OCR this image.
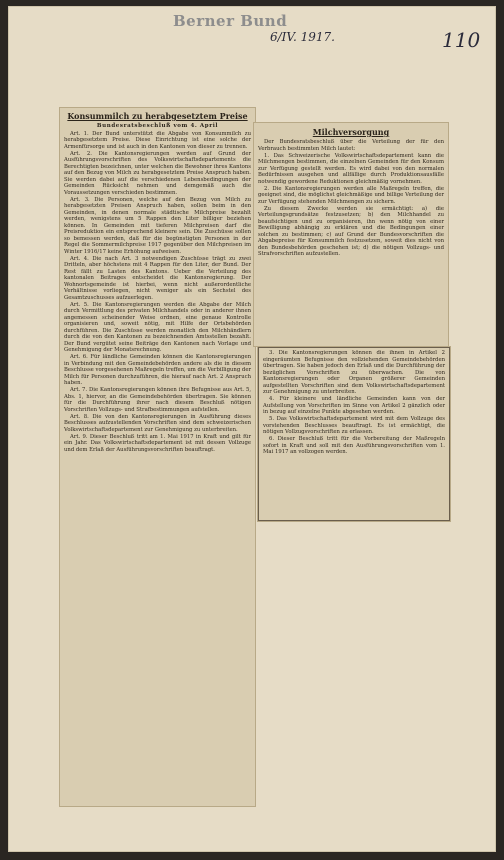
Berner Bund
6/IV. 1917.	110

Konsummilch zu herabgesetztem Preise

Bundesratsbeschluß vom 4. April

Art. 1. Der Bund unterstützt die Abgabe von Konsummilch zu herabgesetztem Preise. Diese Einrichtung ist eine solche der Armenfürsorge und ist auch in den Kantonen von dieser zu trennen.

Art. 2. Die Kantonsregierungen werden auf Grund der Ausführungsvorschriften des Volkswirtschaftsdepartements die Berechtigten bezeichnen, unter welchen die Bewohner ihres Kantons auf den Bezug von Milch zu herabgesetztem Preise Anspruch haben. Sie werden dabei auf die verschiedenen Lebensbedingungen der Gemeinden Rücksicht nehmen und demgemäß auch die Voraussetzungen verschieden bestimmen.

Art. 3. Die Personen, welche auf den Bezug von Milch zu herabgesetzten Preisen Anspruch haben, sollen beim in den Gemeinden, in denen normale städtische Milchpreise bezahlt werden, wenigstens um 5 Rappen den Liter billiger beziehen können. In Gemeinden mit tieferen Milchpreisen darf die Preisreduktion ein entsprechend kleinere sein. Die Zuschüsse sollen so bemessen werden, daß für die begünstigten Personen in der Regel die Sommermilchpreise 1917 gegenüber den Milchpreisen im Winter 1916/17 keine Erhöhung aufweisen.

Art. 4. Die nach Art. 3 notwendigen Zuschüsse trägt zu zwei Dritteln, aber höchstens mit 4 Rappen für den Liter, der Bund. Der Rest fällt zu Lasten des Kantons. Ueber die Verteilung des kantonalen Beitrages entscheidet die Kantonsregierung. Der Wohnortsgemeinde ist hierbei, wenn nicht außerordentliche Verhältnisse vorliegen, nicht weniger als ein Sechstel des Gesamtzuschusses aufzuerlegen.

Art. 5. Die Kantonsregierungen werden die Abgabe der Milch durch Vermittlung des privaten Milchhandels oder in anderer ihnen angemessen scheinender Weise ordnen, eine genaue Kontrolle organisieren und, soweit nötig, mit Hilfe der Ortsbehörden durchführen. Die Zuschüsse werden monatlich den Milchhändlern durch die von den Kantonen zu bezeichnenden Amtsstellen bezahlt. Der Bund vergütet seine Beiträge den Kantonen nach Vorlage und Genehmigung der Monatsrechnung.

Art. 6. Für ländliche Gemeinden können die Kantonsregierungen in Verbindung mit den Gemeindebehörden andere als die in diesem Beschlusse vorgesehenen Maßregeln treffen, um die Verbilligung der Milch für Personen durchzuführen, die hierauf nach Art. 2 Anspruch haben.

Art. 7. Die Kantonsregierungen können ihre Befugnisse aus Art. 5, Abs. 1, hiervor, an die Gemeindebehörden übertragen. Sie können für die Durchführung ihrer nach diesem Beschluß nötigen Vorschriften Vollzugs- und Strafbestimmungen aufstellen.

Art. 8. Die von den Kantonsregierungen in Ausführung dieses Beschlusses aufzustellenden Vorschriften sind dem schweizerischen Volkswirtschaftsdepartement zur Genehmigung zu unterbreiten.

Art. 9. Dieser Beschluß tritt am 1. Mai 1917 in Kraft und gilt für ein Jahr. Das Volkswirtschaftsdepartement ist mit dessen Vollzuge und dem Erlaß der Ausführungsvorschriften beauftragt.

Milchversorgung

Der Bundesratsbeschluß über die Verteilung der für den Verbrauch bestimmten Milch lautet:

1. Das Schweizerische Volkswirtschaftsdepartement kann die Milchmengen bestimmen, die einzelnen Gemeinden für den Konsum zur Verfügung gestellt werden. Es wird dabei von den normalen Bedürfnissen ausgehen und allfällige durch Produktionsausfälle notwendig gewordene Reduktionen gleichmäßig vornehmen.

2. Die Kantonsregierungen werden alle Maßregeln treffen, die geeignet sind, die möglichst gleichmäßige und billige Verteilung der zur Verfügung stehenden Milchmengen zu sichern.

Zu diesem Zwecke werden sie ermächtigt: a) die Verteilungsgrundsätze festzusetzen; b) den Milchhandel zu beaufsichtigen und zu organisieren, ihn wenn nötig von einer Bewilligung abhängig zu erklären und die Bedingungen einer solchen zu bestimmen; c) auf Grund der Bundesvorschriften die Abgabepreise für Konsummilch festzusetzen, soweit dies nicht von den Bundesbehörden geschehen ist; d) die nötigen Vollzugs- und Strafvorschriften aufzustellen.

3. Die Kantonsregierungen können die ihnen in Artikel 2 eingeräumten Befugnisse den vollziehenden Gemeindebehörden übertragen. Sie haben jedoch den Erlaß und die Durchführung der bezüglichen Vorschriften zu überwachen. Die von Kantonsregierungen oder Organen größerer Gemeinden aufgestellten Vorschriften sind dem Volkswirtschaftsdepartement zur Genehmigung zu unterbreiten.

4. Für kleinere und ländliche Gemeinden kann von der Aufstellung von Vorschriften im Sinne von Artikel 2 gänzlich oder in bezug auf einzelne Punkte abgesehen werden.

5. Das Volkswirtschaftsdepartement wird mit dem Vollzuge des vorstehenden Beschlusses beauftragt. Es ist ermächtigt, die nötigen Vollzugsvorschriften zu erlassen.

6. Dieser Beschluß tritt für die Vorbereitung der Maßregeln sofort in Kraft und soll mit den Ausführungsvorschriften vom 1. Mai 1917 an vollzogen werden.
